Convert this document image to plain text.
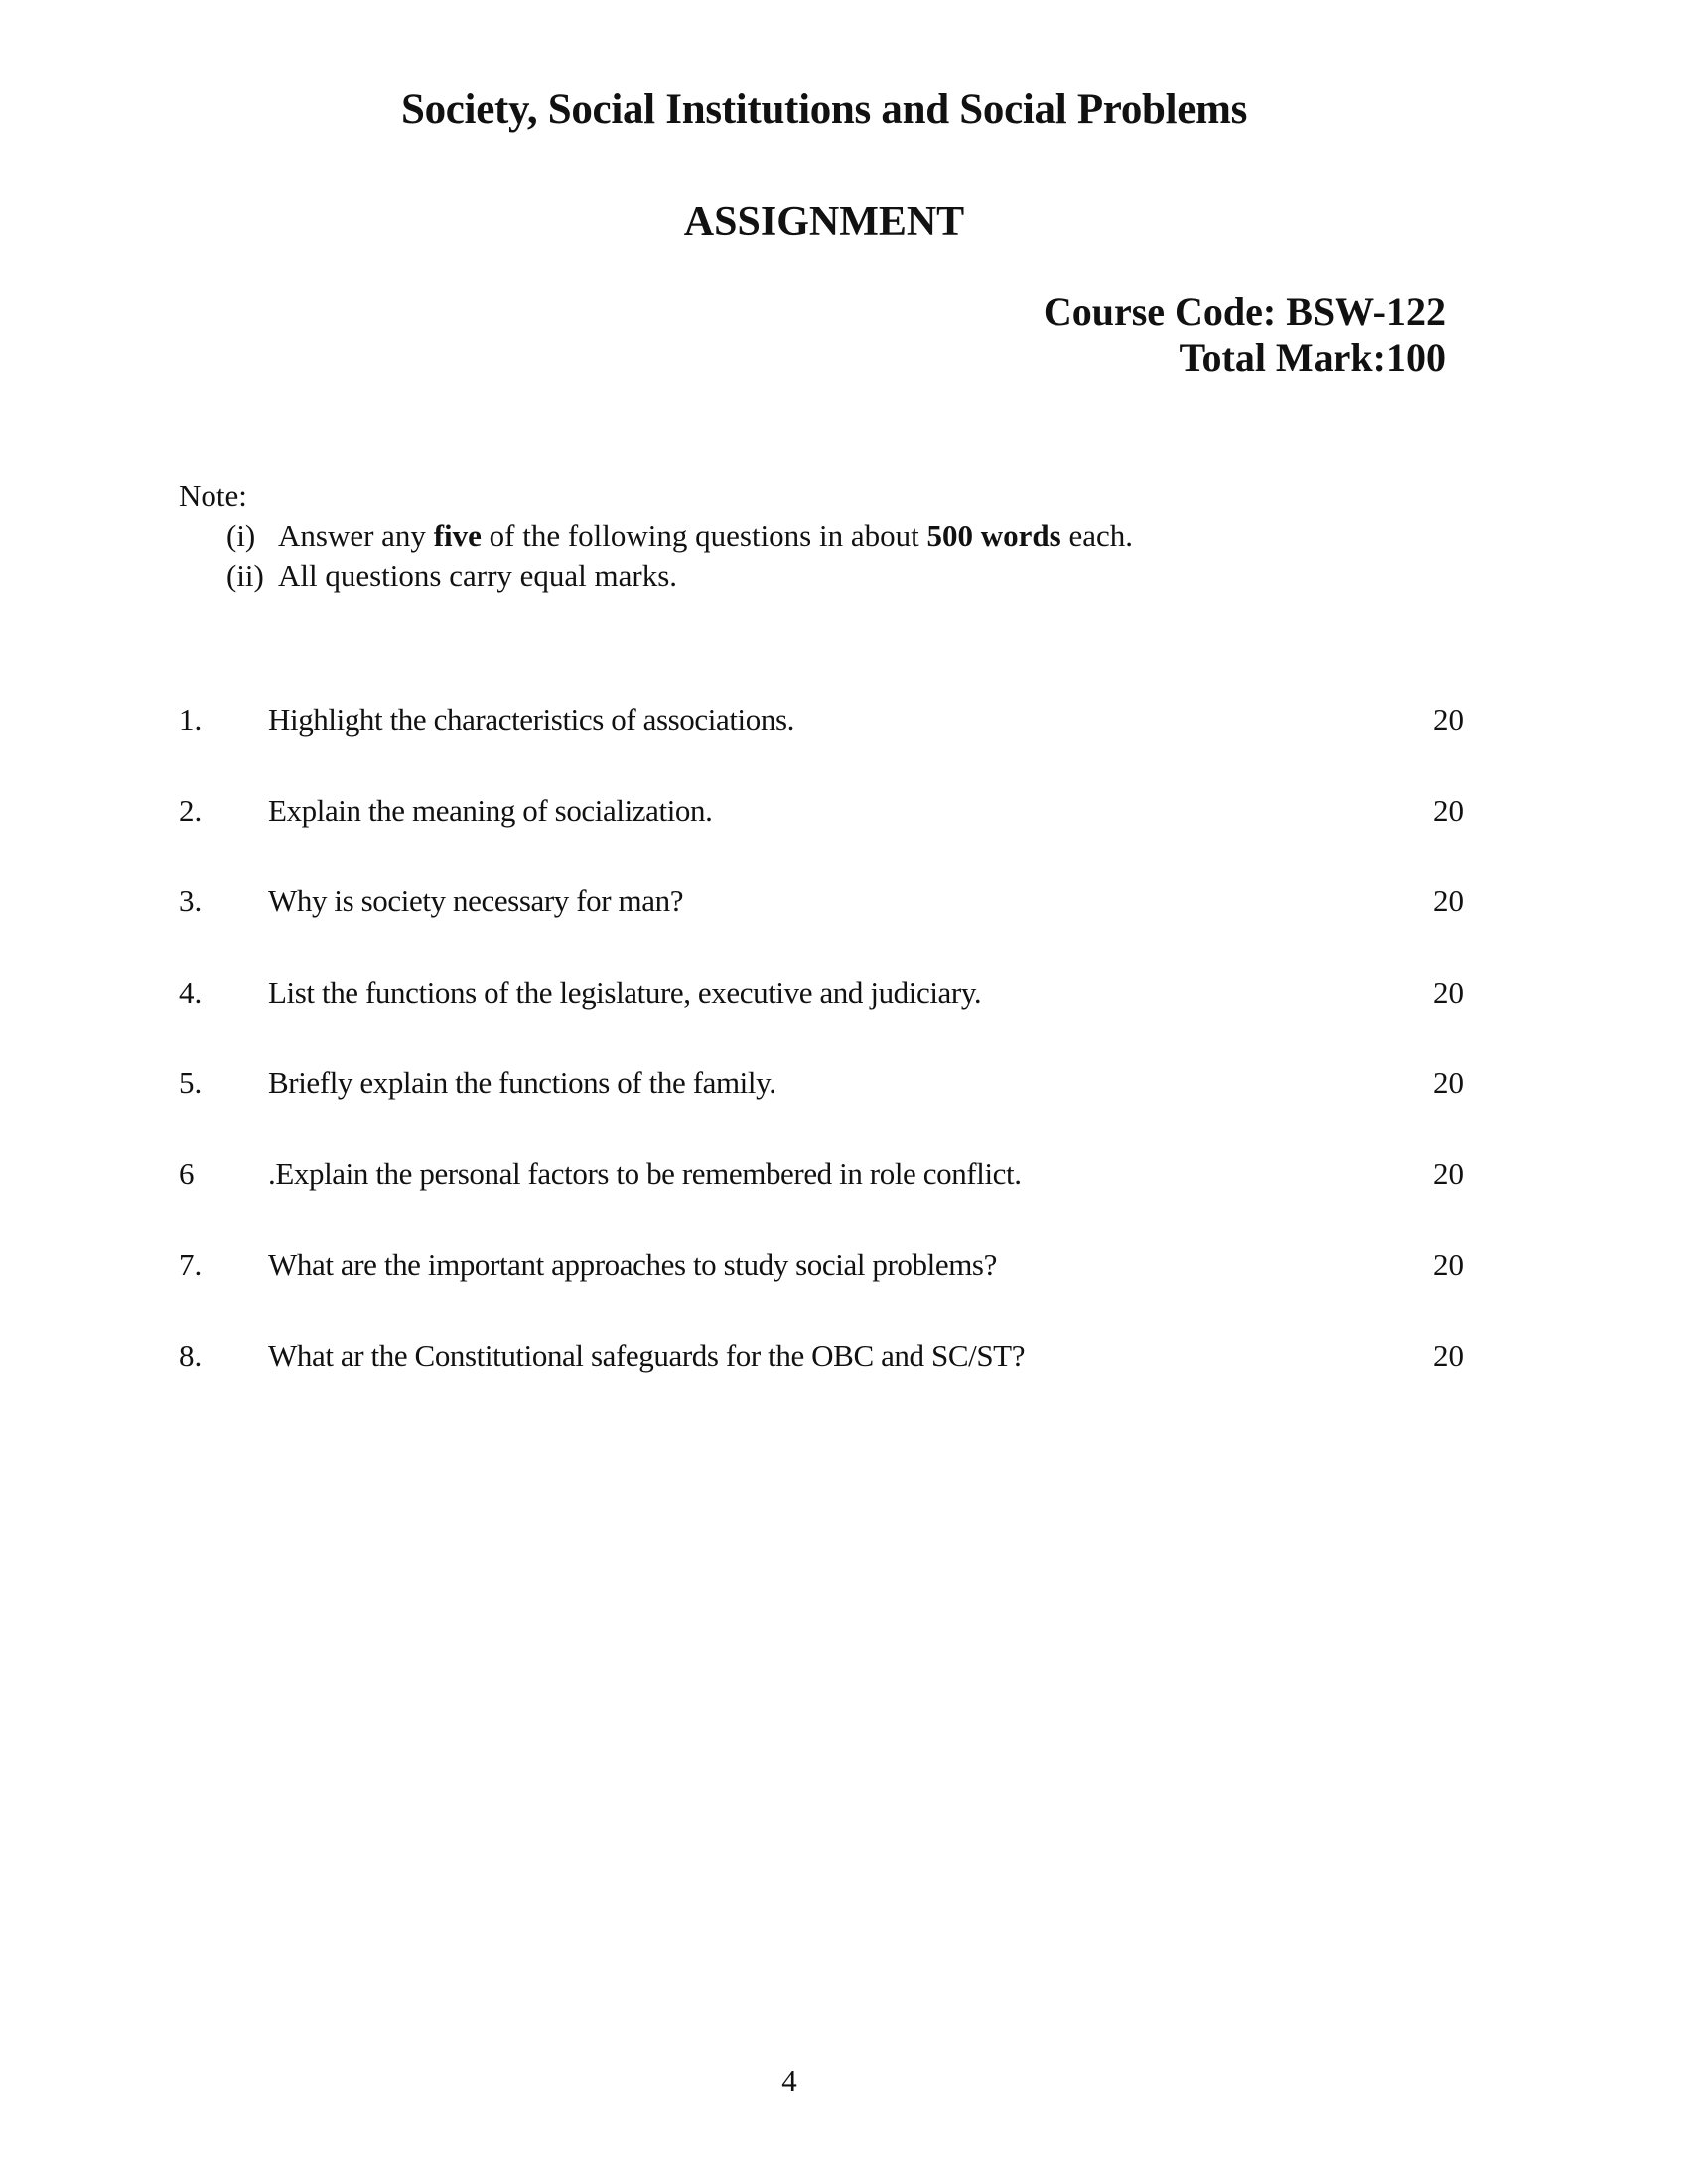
Society, Social Institutions and Social Problems
ASSIGNMENT
Course Code: BSW-122
Total Mark:100
Note:
(i) Answer any five of the following questions in about 500 words each.
(ii) All questions carry equal marks.
1.	Highlight the characteristics of associations.	20
2.	Explain the meaning of socialization.	20
3.	Why is society necessary for man?	20
4.	List the functions of the legislature, executive and judiciary.	20
5.	Briefly explain the functions of the family.	20
6	.Explain the personal factors to be remembered in role conflict.	20
7.	What are the important approaches to study social problems?	20
8.	What ar the Constitutional safeguards for the OBC and SC/ST?	20
4
